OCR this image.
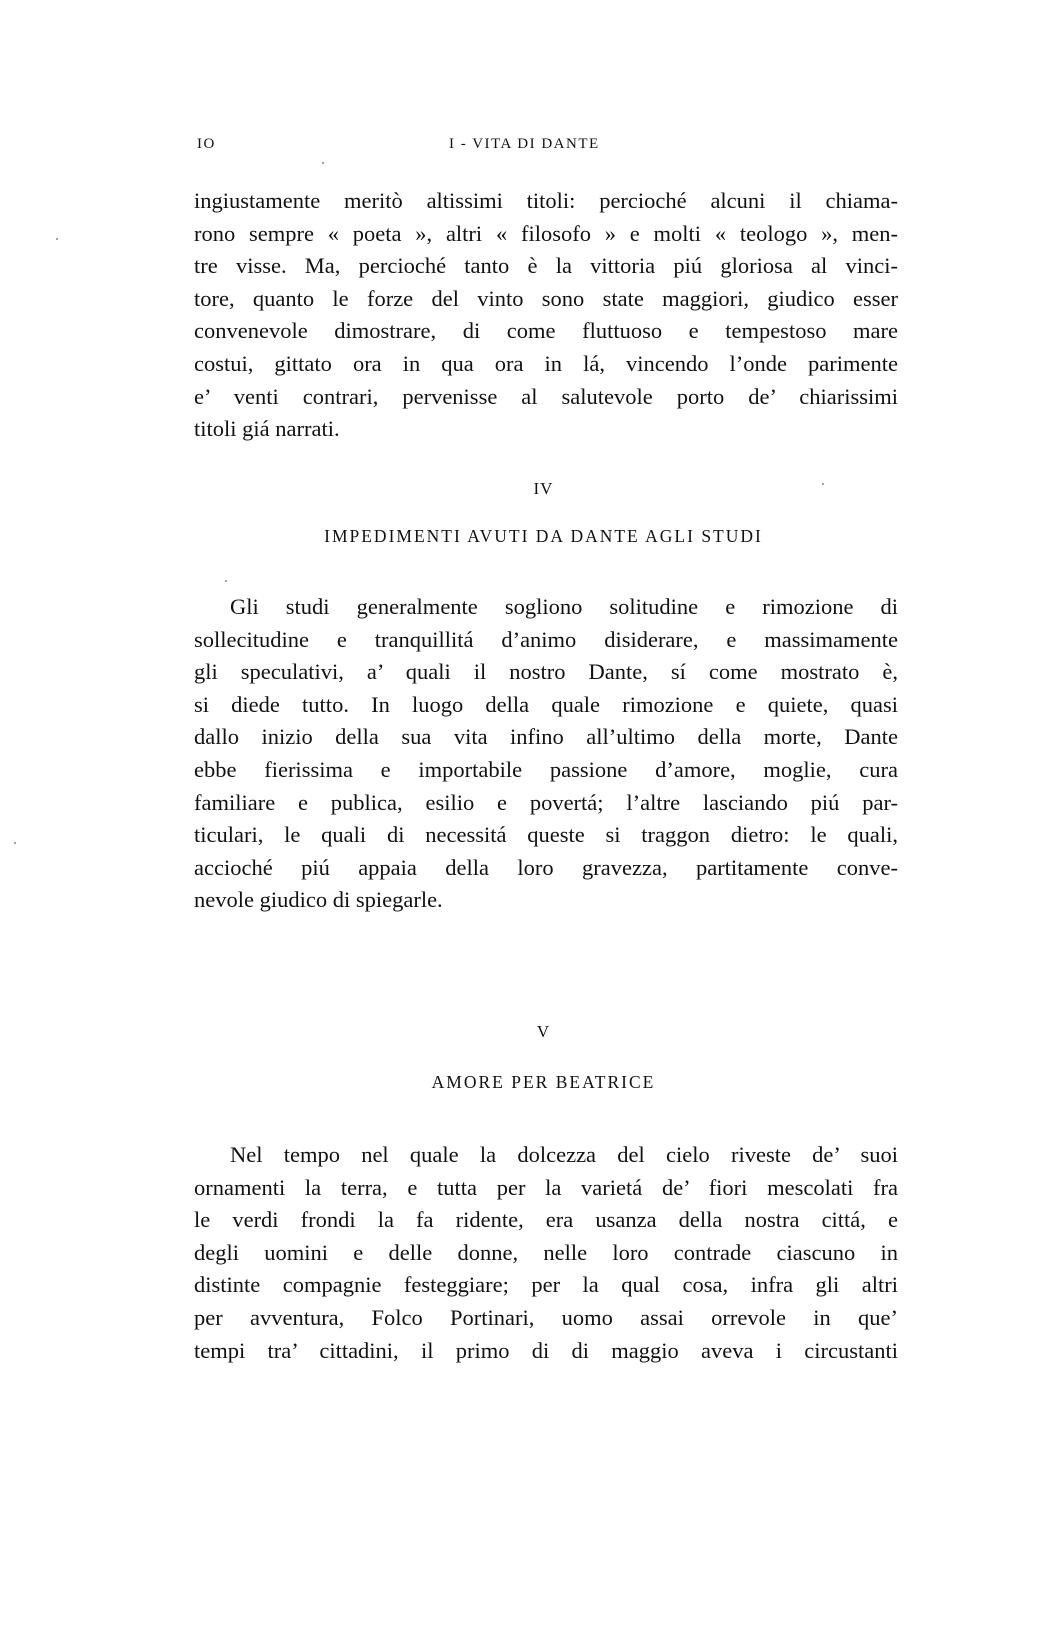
IO	I - VITA DI DANTE
ingiustamente meritò altissimi titoli: percioché alcuni il chiama-
rono sempre « poeta », altri « filosofo » e molti « teologo », men-
tre visse. Ma, percioché tanto è la vittoria piú gloriosa al vinci-
tore, quanto le forze del vinto sono state maggiori, giudico esser
convenevole dimostrare, di come fluttuoso e tempestoso mare
costui, gittato ora in qua ora in lá, vincendo l’onde parimente
e’ venti contrari, pervenisse al salutevole porto de’ chiarissimi
titoli giá narrati.
IV
IMPEDIMENTI AVUTI DA DANTE AGLI STUDI
Gli studi generalmente sogliono solitudine e rimozione di
sollecitudine e tranquillitá d’animo disiderare, e massimamente
gli speculativi, a’ quali il nostro Dante, sí come mostrato è,
si diede tutto. In luogo della quale rimozione e quiete, quasi
dallo inizio della sua vita infino all’ultimo della morte, Dante
ebbe fierissima e importabile passione d’amore, moglie, cura
familiare e publica, esilio e povertá; l’altre lasciando piú par-
ticulari, le quali di necessitá queste si traggon dietro: le quali,
accioché piú appaia della loro gravezza, partitamente conve-
nevole giudico di spiegarle.
V
AMORE PER BEATRICE
Nel tempo nel quale la dolcezza del cielo riveste de’ suoi
ornamenti la terra, e tutta per la varietá de’ fiori mescolati fra
le verdi frondi la fa ridente, era usanza della nostra cittá, e
degli uomini e delle donne, nelle loro contrade ciascuno in
distinte compagnie festeggiare; per la qual cosa, infra gli altri
per avventura, Folco Portinari, uomo assai orrevole in que’
tempi tra’ cittadini, il primo di di maggio aveva i circustanti
